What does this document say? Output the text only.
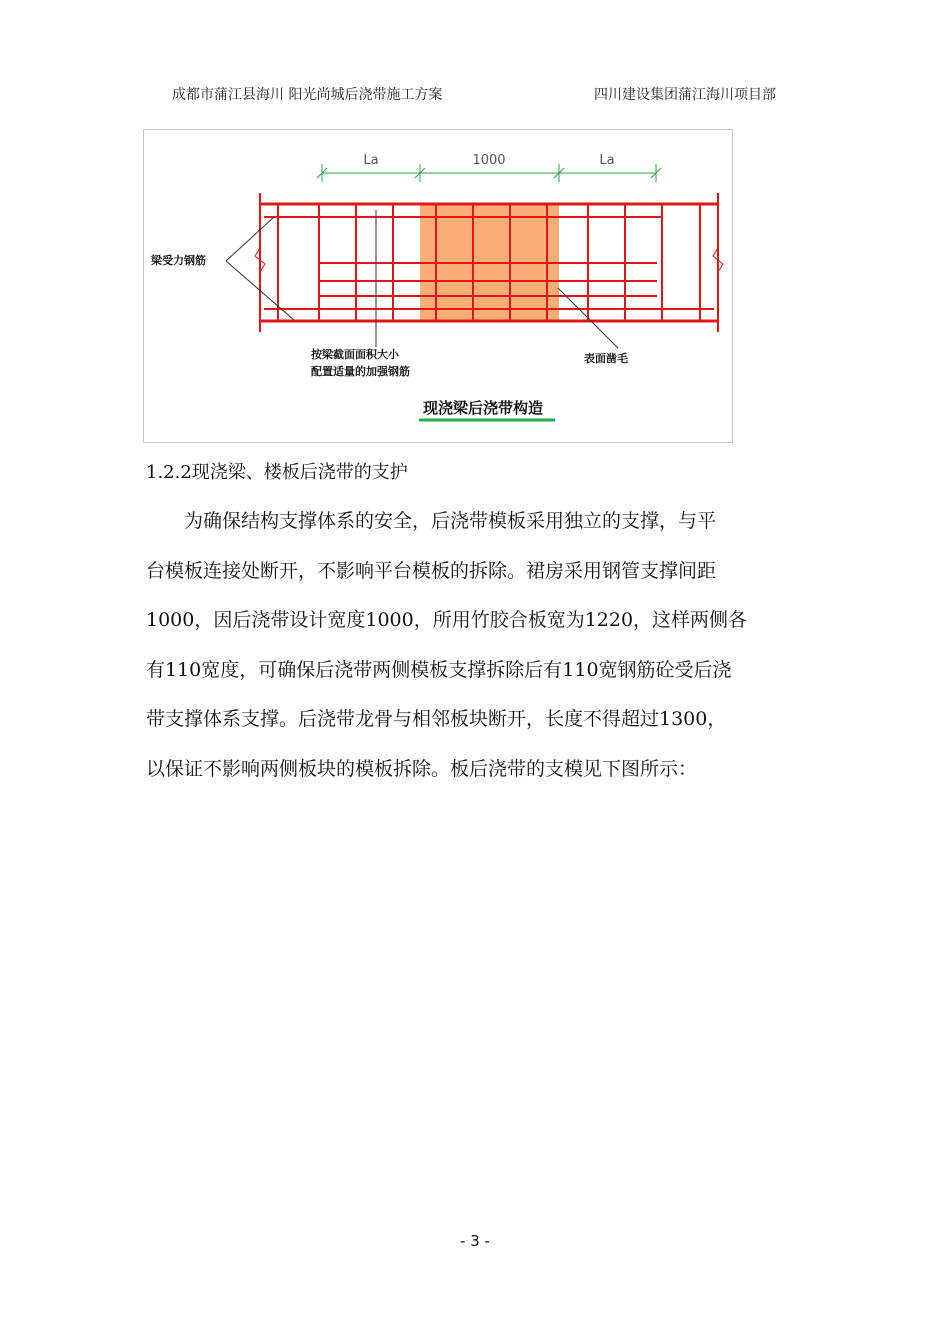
成都市蒲江县海川 阳光尚城后浇带施工方案	四川建设集团蒲江海川项目部
La	1000	La
梁受力钢筋
按梁截面面积大小
配置适量的加强钢筋
表面凿毛
现浇梁后浇带构造
1.2.2现浇梁、楼板后浇带的支护
为确保结构支撑体系的安全，后浇带模板采用独立的支撑，与平
台模板连接处断开，不影响平台模板的拆除。裙房采用钢管支撑间距
1000，因后浇带设计宽度1000，所用竹胶合板宽为1220，这样两侧各
有110宽度，可确保后浇带两侧模板支撑拆除后有110宽钢筋砼受后浇
带支撑体系支撑。后浇带龙骨与相邻板块断开，长度不得超过1300，
以保证不影响两侧板块的模板拆除。板后浇带的支模见下图所示：
- 3 -
